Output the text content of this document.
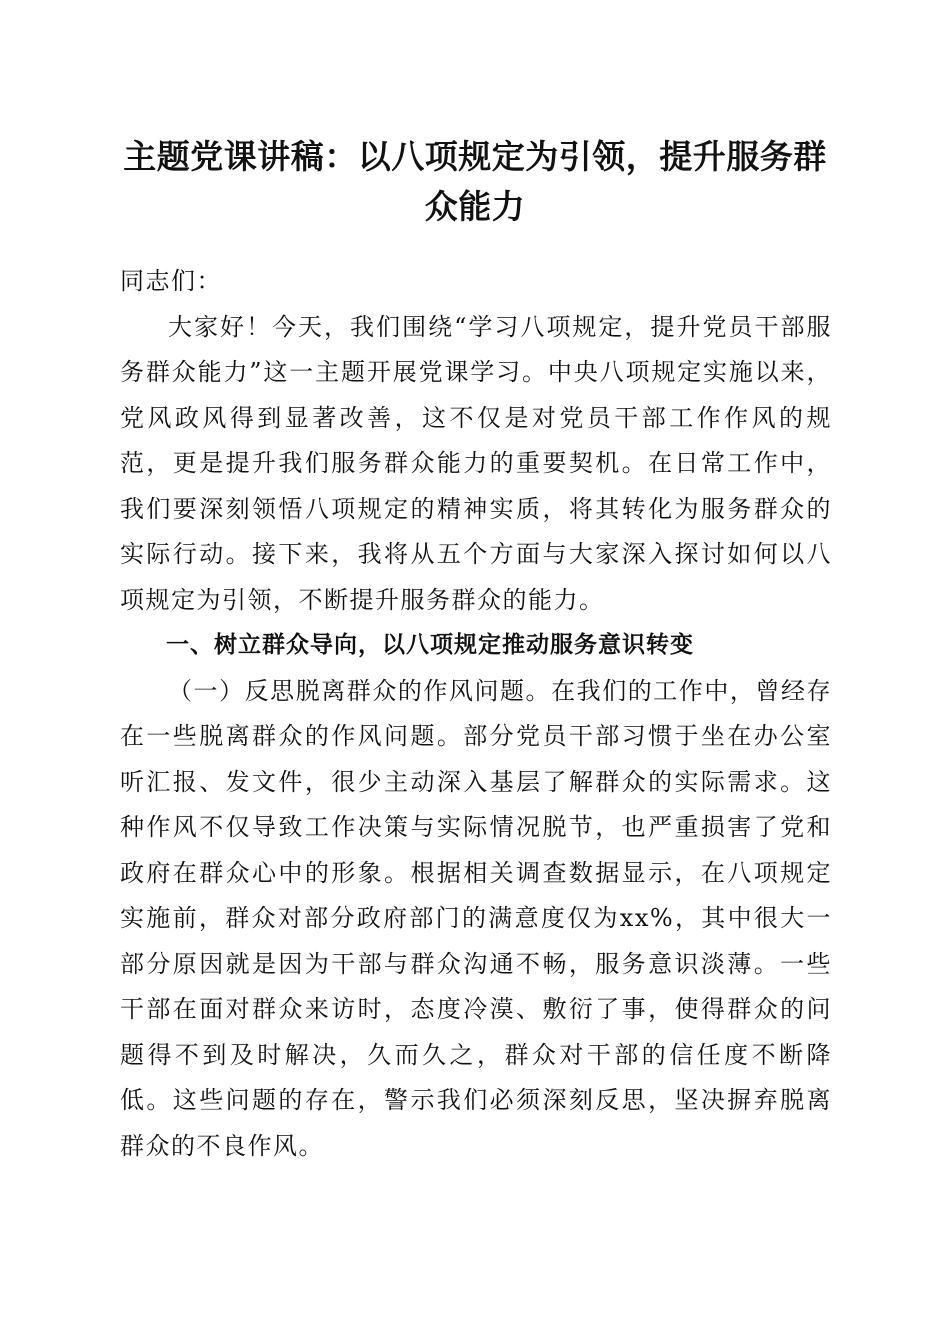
主题党课讲稿：以八项规定为引领，提升服务群众能力

同志们：

大家好！今天，我们围绕“学习八项规定，提升党员干部服务群众能力”这一主题开展党课学习。中央八项规定实施以来，党风政风得到显著改善，这不仅是对党员干部工作作风的规范，更是提升我们服务群众能力的重要契机。在日常工作中，我们要深刻领悟八项规定的精神实质，将其转化为服务群众的实际行动。接下来，我将从五个方面与大家深入探讨如何以八项规定为引领，不断提升服务群众的能力。

一、树立群众导向，以八项规定推动服务意识转变

（一）反思脱离群众的作风问题。在我们的工作中，曾经存在一些脱离群众的作风问题。部分党员干部习惯于坐在办公室听汇报、发文件，很少主动深入基层了解群众的实际需求。这种作风不仅导致工作决策与实际情况脱节，也严重损害了党和政府在群众心中的形象。根据相关调查数据显示，在八项规定实施前，群众对部分政府部门的满意度仅为xx%，其中很大一部分原因就是因为干部与群众沟通不畅，服务意识淡薄。一些干部在面对群众来访时，态度冷漠、敷衍了事，使得群众的问题得不到及时解决，久而久之，群众对干部的信任度不断降低。这些问题的存在，警示我们必须深刻反思，坚决摒弃脱离群众的不良作风。
